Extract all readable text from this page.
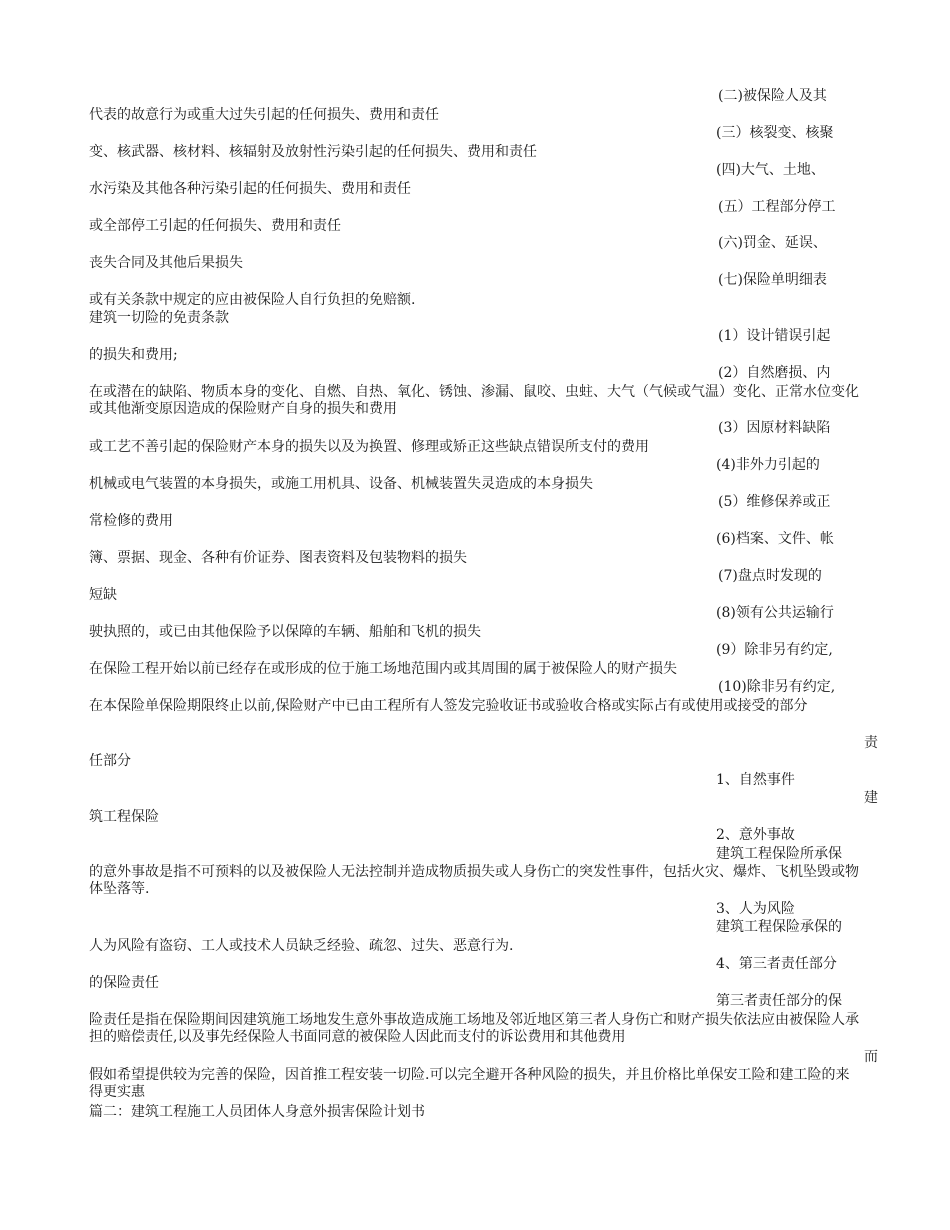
(二)被保险人及其
(三）核裂变、核聚
(四)大气、土地、
(五）工程部分停工
(六)罚金、延误、
(七)保险单明细表
(1）设计错误引起
(2）自然磨损、内
(3）因原材料缺陷
(4)非外力引起的
(5）维修保养或正
(6)档案、文件、帐
(7)盘点时发现的
(8)领有公共运输行
(9）除非另有约定,
(10)除非另有约定,
责
1、自然事件
建
2、意外事故
建筑工程保险所承保
3、人为风险
建筑工程保险承保的
4、第三者责任部分
第三者责任部分的保
而
代表的故意行为或重大过失引起的任何损失、费用和责任
变、核武器、核材料、核辐射及放射性污染引起的任何损失、费用和责任
水污染及其他各种污染引起的任何损失、费用和责任
或全部停工引起的任何损失、费用和责任
丧失合同及其他后果损失
或有关条款中规定的应由被保险人自行负担的免赔额.
建筑一切险的免责条款
的损失和费用;
在或潜在的缺陷、物质本身的变化、自燃、自热、氧化、锈蚀、渗漏、鼠咬、虫蛀、大气（气候或气温）变化、正常水位变化或其他渐变原因造成的保险财产自身的损失和费用
或工艺不善引起的保险财产本身的损失以及为换置、修理或矫正这些缺点错误所支付的费用
机械或电气装置的本身损失，或施工用机具、设备、机械装置失灵造成的本身损失
常检修的费用
簿、票据、现金、各种有价证券、图表资料及包装物料的损失
短缺
驶执照的，或已由其他保险予以保障的车辆、船舶和飞机的损失
在保险工程开始以前已经存在或形成的位于施工场地范围内或其周围的属于被保险人的财产损失
在本保险单保险期限终止以前,保险财产中已由工程所有人签发完验收证书或验收合格或实际占有或使用或接受的部分
任部分
筑工程保险
的意外事故是指不可预料的以及被保险人无法控制并造成物质损失或人身伤亡的突发性事件，包括火灾、爆炸、飞机坠毁或物体坠落等.
人为风险有盗窃、工人或技术人员缺乏经验、疏忽、过失、恶意行为.
的保险责任
险责任是指在保险期间因建筑施工场地发生意外事故造成施工场地及邻近地区第三者人身伤亡和财产损失依法应由被保险人承担的赔偿责任,以及事先经保险人书面同意的被保险人因此而支付的诉讼费用和其他费用
假如希望提供较为完善的保险，因首推工程安装一切险.可以完全避开各种风险的损失，并且价格比单保安工险和建工险的来得更实惠
篇二：建筑工程施工人员团体人身意外损害保险计划书
